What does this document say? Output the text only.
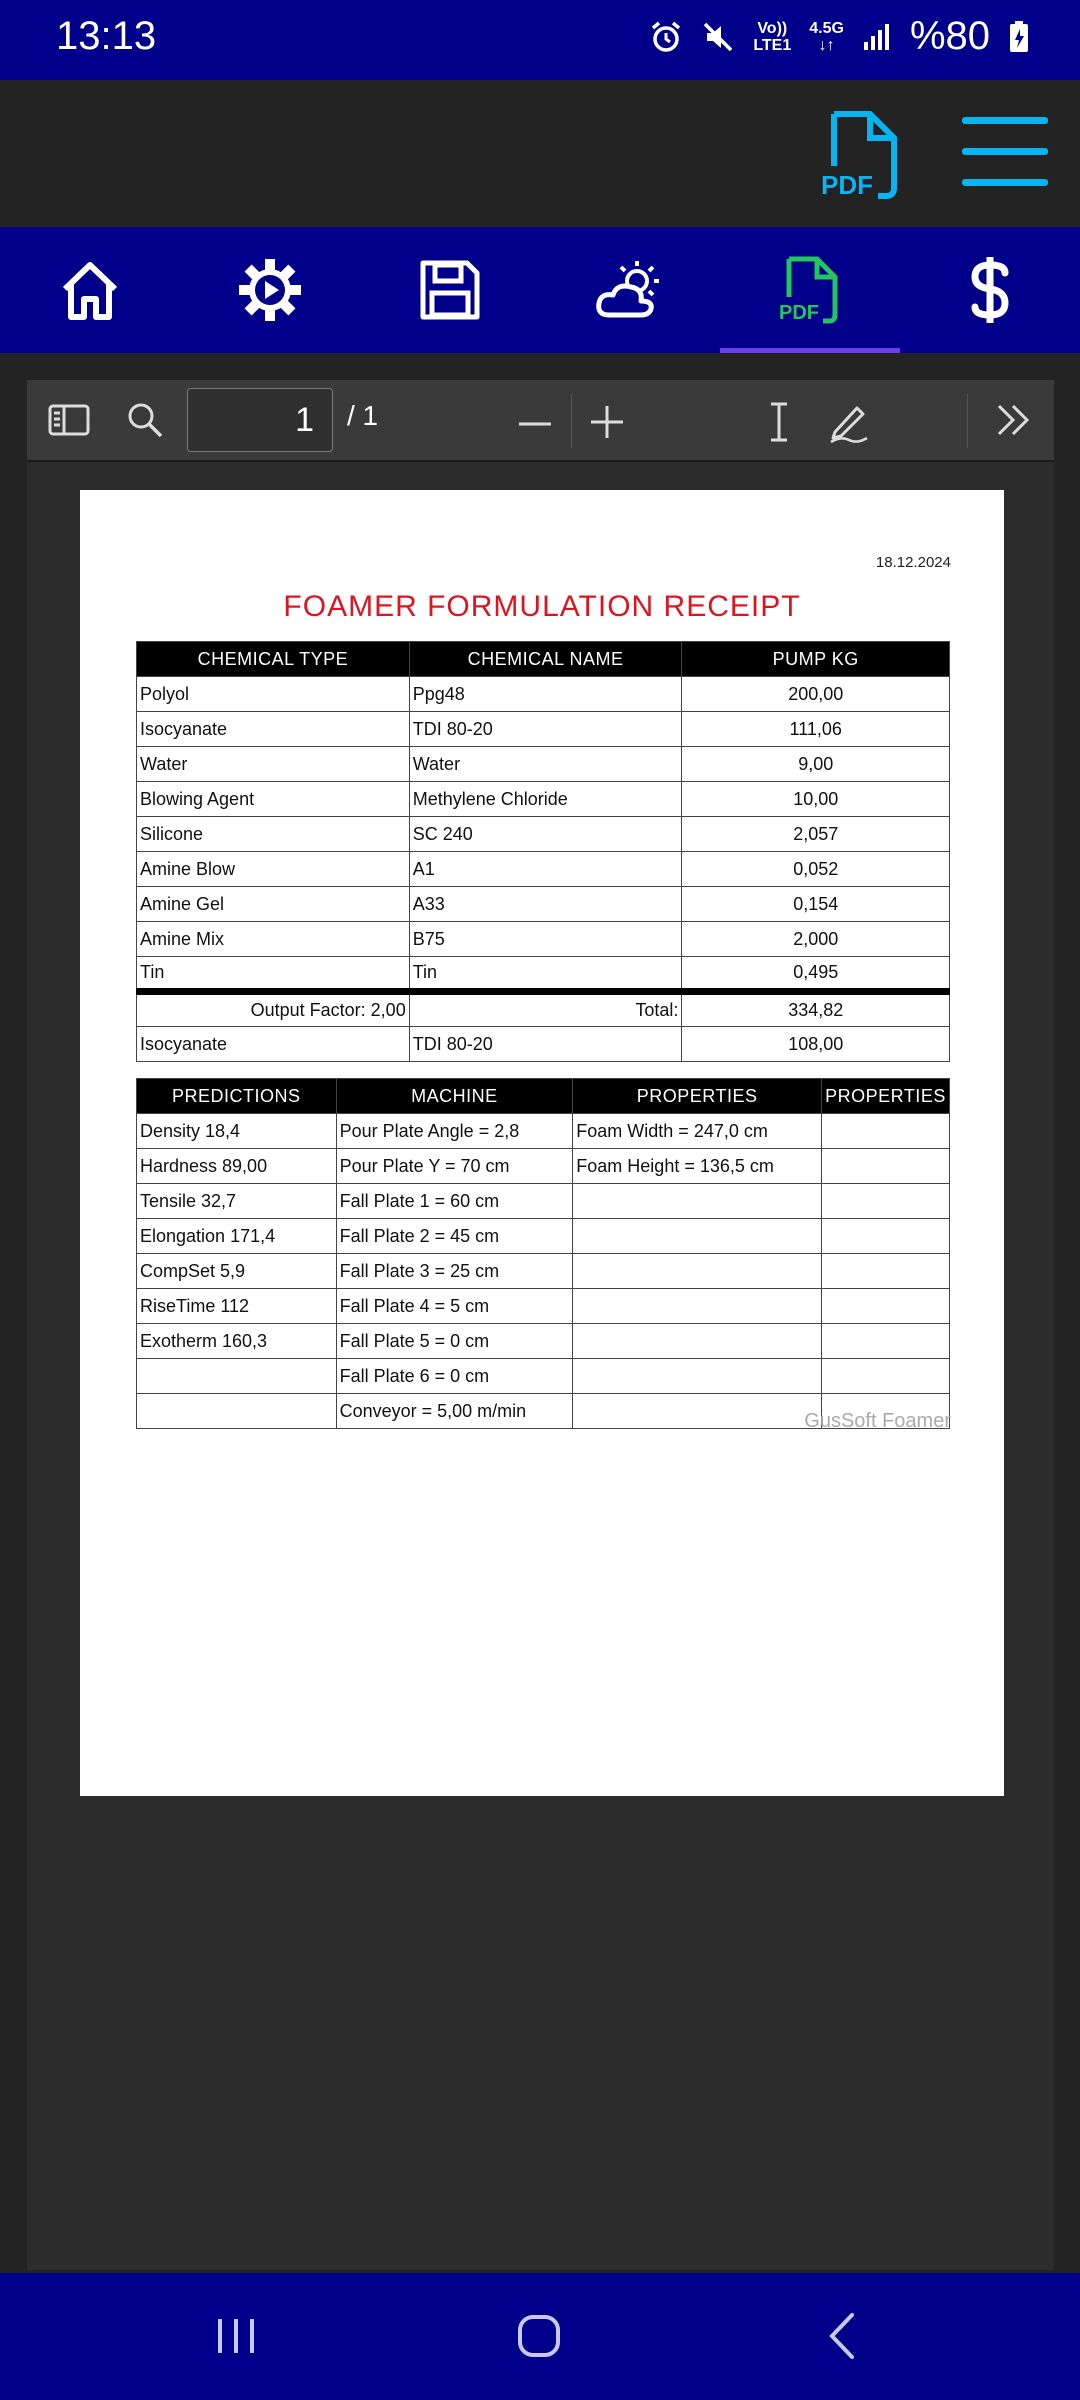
13:13	Vo))
LTE1
4.5G
↓↑ %80
PDF
PDF
1	/ 1
18.12.2024
FOAMER FORMULATION RECEIPT
CHEMICAL TYPE	CHEMICAL NAME	PUMP KG
Polyol	Ppg48	200,00
Isocyanate	TDI 80-20	111,06
Water	Water	9,00
Blowing Agent	Methylene Chloride	10,00
Silicone	SC 240	2,057
Amine Blow	A1	0,052
Amine Gel	A33	0,154
Amine Mix	B75	2,000
Tin	Tin	0,495
Output Factor: 2,00	Total:	334,82
Isocyanate	TDI 80-20	108,00
PREDICTIONS	MACHINE	PROPERTIES	PROPERTIES
Density 18,4	Pour Plate Angle = 2,8	Foam Width = 247,0 cm	
Hardness 89,00	Pour Plate Y = 70 cm	Foam Height = 136,5 cm	
Tensile 32,7	Fall Plate 1 = 60 cm		
Elongation 171,4	Fall Plate 2 = 45 cm		
CompSet 5,9	Fall Plate 3 = 25 cm		
RiseTime 112	Fall Plate 4 = 5 cm		
Exotherm 160,3	Fall Plate 5 = 0 cm		
	Fall Plate 6 = 0 cm		
	Conveyor = 5,00 m/min			GusSoft Foamer
